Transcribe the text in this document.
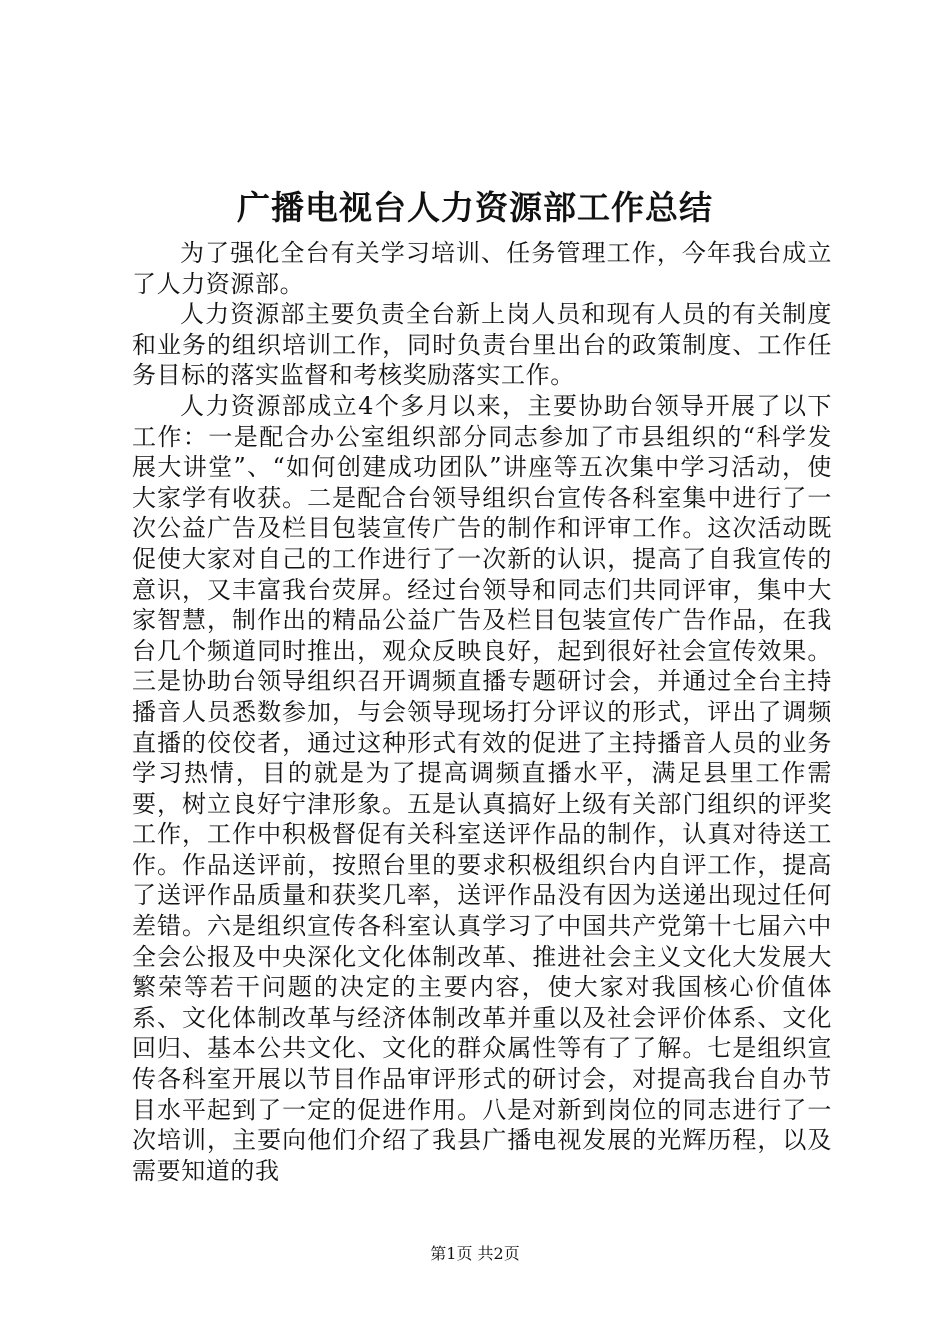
广播电视台人力资源部工作总结

为了强化全台有关学习培训、任务管理工作，今年我台成立了人力资源部。

人力资源部主要负责全台新上岗人员和现有人员的有关制度和业务的组织培训工作，同时负责台里出台的政策制度、工作任务目标的落实监督和考核奖励落实工作。

人力资源部成立4个多月以来，主要协助台领导开展了以下工作：一是配合办公室组织部分同志参加了市县组织的“科学发展大讲堂”、“如何创建成功团队”讲座等五次集中学习活动，使大家学有收获。二是配合台领导组织台宣传各科室集中进行了一次公益广告及栏目包装宣传广告的制作和评审工作。这次活动既促使大家对自己的工作进行了一次新的认识，提高了自我宣传的意识，又丰富我台荧屏。经过台领导和同志们共同评审，集中大家智慧，制作出的精品公益广告及栏目包装宣传广告作品，在我台几个频道同时推出，观众反映良好，起到很好社会宣传效果。三是协助台领导组织召开调频直播专题研讨会，并通过全台主持播音人员悉数参加，与会领导现场打分评议的形式，评出了调频直播的佼佼者，通过这种形式有效的促进了主持播音人员的业务学习热情，目的就是为了提高调频直播水平，满足县里工作需要，树立良好宁津形象。五是认真搞好上级有关部门组织的评奖工作，工作中积极督促有关科室送评作品的制作，认真对待送工作。作品送评前，按照台里的要求积极组织台内自评工作，提高了送评作品质量和获奖几率，送评作品没有因为送递出现过任何差错。六是组织宣传各科室认真学习了中国共产党第十七届六中全会公报及中央深化文化体制改革、推进社会主义文化大发展大繁荣等若干问题的决定的主要内容，使大家对我国核心价值体系、文化体制改革与经济体制改革并重以及社会评价体系、文化回归、基本公共文化、文化的群众属性等有了了解。七是组织宣传各科室开展以节目作品审评形式的研讨会，对提高我台自办节目水平起到了一定的促进作用。八是对新到岗位的同志进行了一次培训，主要向他们介绍了我县广播电视发展的光辉历程，以及需要知道的我

第1页 共2页
